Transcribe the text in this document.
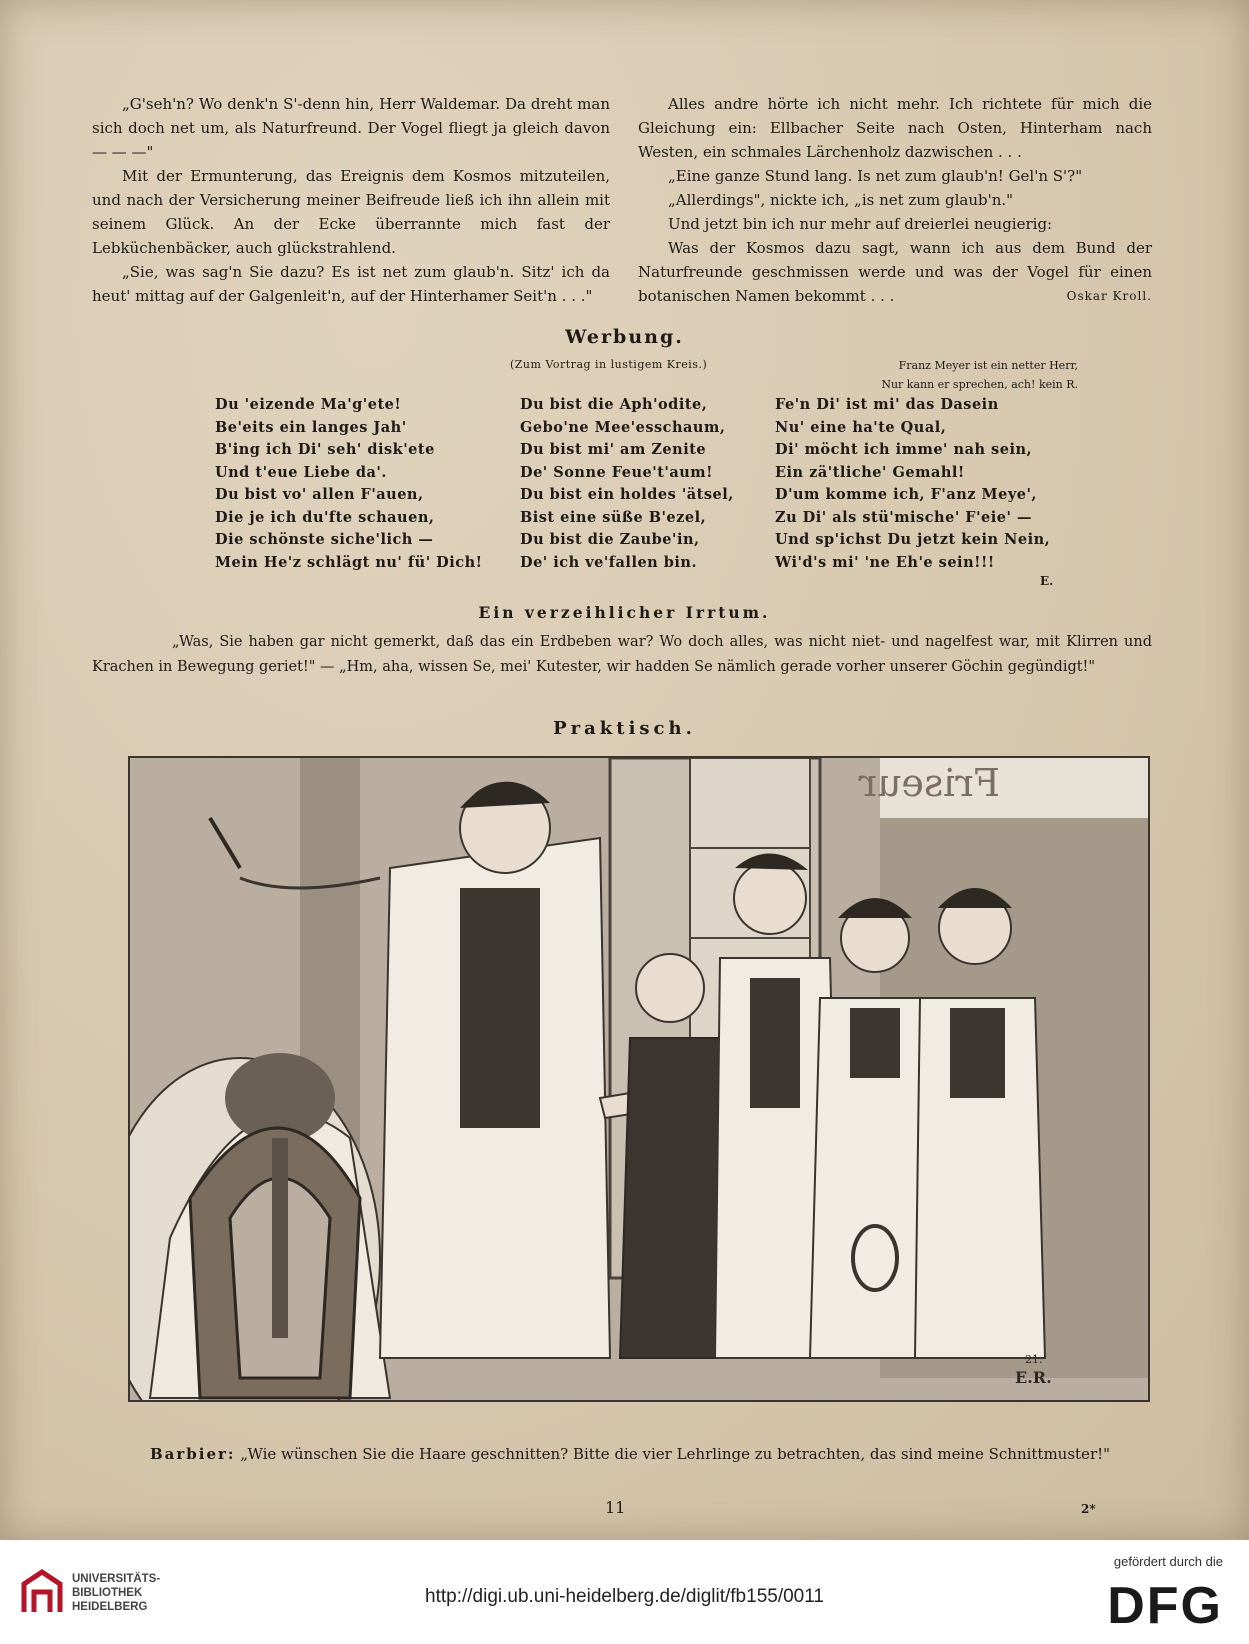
„G'seh'n? Wo denk'n S'-denn hin, Herr Waldemar. Da dreht man sich doch net um, als Naturfreund. Der Vogel fliegt ja gleich davon — — —"

Mit der Ermunterung, das Ereignis dem Kosmos mitzuteilen, und nach der Versicherung meiner Beifreude ließ ich ihn allein mit seinem Glück. An der Ecke überrannte mich fast der Lebküchenbäcker, auch glückstrahlend.

„Sie, was sag'n Sie dazu? Es ist net zum glaub'n. Sitz' ich da heut' mittag auf der Galgenleit'n, auf der Hinterhamer Seit'n . . ."

Alles andre hörte ich nicht mehr. Ich richtete für mich die Gleichung ein: Ellbacher Seite nach Osten, Hinterham nach Westen, ein schmales Lärchenholz dazwischen . . .

„Eine ganze Stund lang. Is net zum glaub'n! Gel'n S'?"

„Allerdings", nickte ich, „is net zum glaub'n."

Und jetzt bin ich nur mehr auf dreierlei neugierig:

Was der Kosmos dazu sagt, wann ich aus dem Bund der Naturfreunde geschmissen werde und was der Vogel für einen botanischen Namen bekommt . . .	Oskar Kroll.

Werbung.
(Zum Vortrag in lustigem Kreis.)	Franz Meyer ist ein netter Herr,
Nur kann er sprechen, ach! kein R.
Du 'eizende Ma'g'ete!
Be'eits ein langes Jah'
B'ing ich Di' seh' disk'ete
Und t'eue Liebe da'.
Du bist vo' allen F'auen,
Die je ich du'fte schauen,
Die schönste siche'lich —
Mein He'z schlägt nu' fü' Dich!
Du bist die Aph'odite,
Gebo'ne Mee'esschaum,
Du bist mi' am Zenite
De' Sonne Feue't'aum!
Du bist ein holdes 'ätsel,
Bist eine süße B'ezel,
Du bist die Zaube'in,
De' ich ve'fallen bin.
Fe'n Di' ist mi' das Dasein
Nu' eine ha'te Qual,
Di' möcht ich imme' nah sein,
Ein zä'tliche' Gemahl!
D'um komme ich, F'anz Meye',
Zu Di' als stü'mische' F'eie' —
Und sp'ichst Du jetzt kein Nein,
Wi'd's mi' 'ne Eh'e sein!!!
E.
Ein verzeihlicher Irrtum.
„Was, Sie haben gar nicht gemerkt, daß das ein Erdbeben war? Wo doch alles, was nicht niet- und nagelfest war, mit Klirren und Krachen in Bewegung geriet!" — „Hm, aha, wissen Se, mei' Kutester, wir hadden Se nämlich gerade vorher unserer Göchin gegündigt!"
Praktisch.
Friseur
21.
E.R.
Barbier: „Wie wünschen Sie die Haare geschnitten? Bitte die vier Lehrlinge zu betrachten, das sind meine Schnittmuster!"
11	2*
UNIVERSITÄTS-
BIBLIOTHEK
HEIDELBERG	http://digi.ub.uni-heidelberg.de/diglit/fb155/0011
gefördert durch die
DFG
